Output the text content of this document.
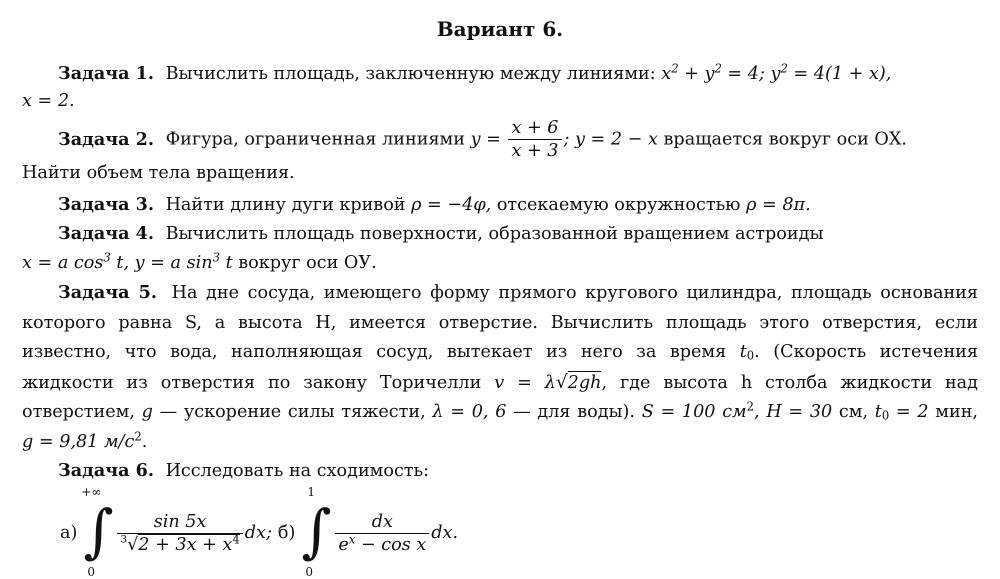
Вариант 6.

Задача 1. Вычислить площадь, заключенную между линиями: $x^2 + y^2 = 4$; $y^2 = 4(1 + x)$,

x = 2.

Задача 2. Фигура, ограниченная линиями $y = \frac{x + 6}{x + 3}$ ; y = 2 − x вращается вокруг оси ОХ.

Найти объем тела вращения.

Задача 3. Найти длину дуги кривой ρ = −4φ, отсекаемую окружностью ρ = 8π.

Задача 4. Вычислить площадь поверхности, образованной вращением астроиды

x = a $\cos^3 t$, y = a $\sin^3 t$ вокруг оси ОУ.

Задача 5. На дне сосуда, имеющего форму прямого кругового цилиндра, площадь основания которого равна S, а высота H, имеется отверстие. Вычислить площадь этого отверстия, если известно, что вода, наполняющая сосуд, вытекает из него за время $t_0$. (Скорость истечения жидкости из отверстия по закону Торичелли v = λ√2gh, где высота h столба жидкости над отверстием, g — ускорение силы тяжести, λ = 0, 6 — для воды). S = 100 $см^2$, H = 30 см, $t_0 = 2$ мин, g = 9,81 $м/с^2$.

Задача 6. Исследовать на сходимость:

а)
+∞
∫
0
$\frac{\sin 5x}{^3√2 + 3x + x^4}$ dx; б)
1
∫
0
$\frac{dx}{e^x - \cos x}$ dx.
